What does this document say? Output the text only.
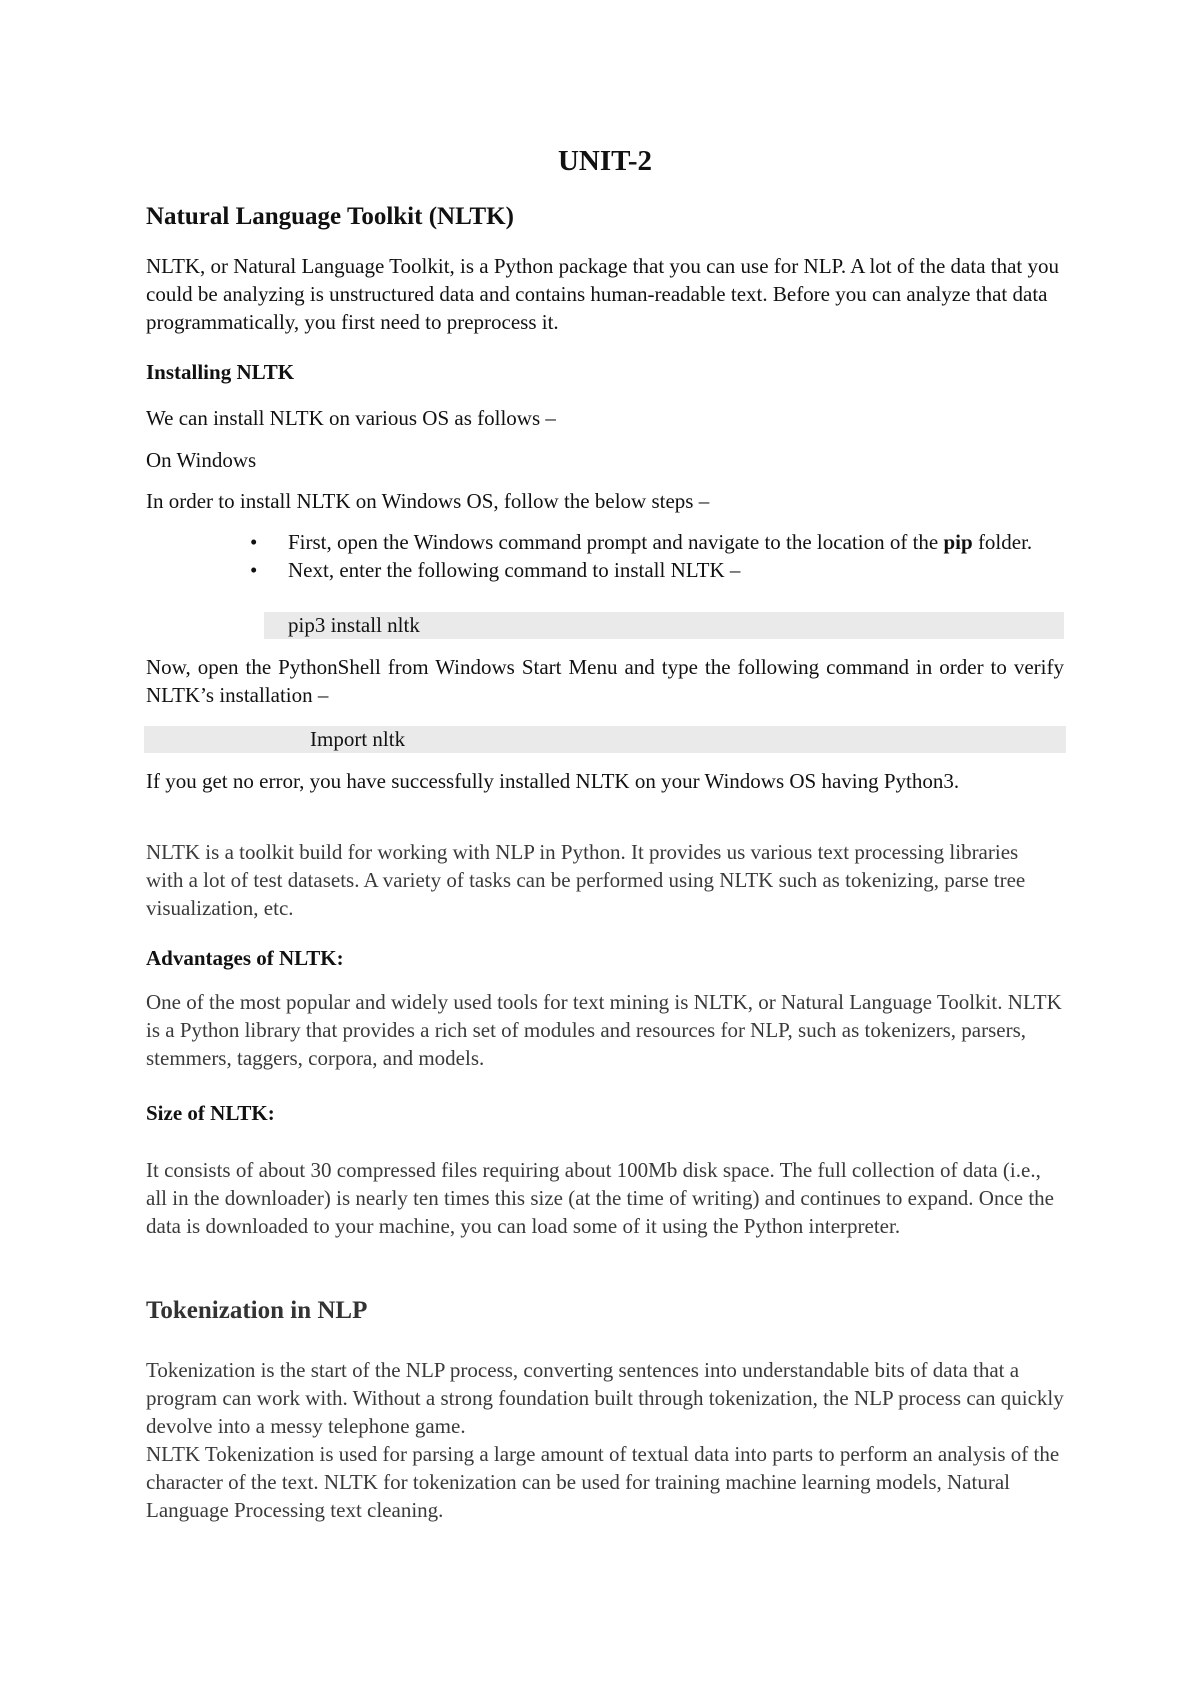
UNIT-2
Natural Language Toolkit (NLTK)

NLTK, or Natural Language Toolkit, is a Python package that you can use for NLP. A lot of the data that you could be analyzing is unstructured data and contains human-readable text. Before you can analyze that data programmatically, you first need to preprocess it.

Installing NLTK

We can install NLTK on various OS as follows –

On Windows

In order to install NLTK on Windows OS, follow the below steps –

• First, open the Windows command prompt and navigate to the location of the pip folder.
• Next, enter the following command to install NLTK –

pip3 install nltk

Now, open the PythonShell from Windows Start Menu and type the following command in order to verify NLTK’s installation –

Import nltk

If you get no error, you have successfully installed NLTK on your Windows OS having Python3.

NLTK is a toolkit build for working with NLP in Python. It provides us various text processing libraries with a lot of test datasets. A variety of tasks can be performed using NLTK such as tokenizing, parse tree visualization, etc.

Advantages of NLTK:

One of the most popular and widely used tools for text mining is NLTK, or Natural Language Toolkit. NLTK is a Python library that provides a rich set of modules and resources for NLP, such as tokenizers, parsers, stemmers, taggers, corpora, and models.

Size of NLTK:

It consists of about 30 compressed files requiring about 100Mb disk space. The full collection of data (i.e., all in the downloader) is nearly ten times this size (at the time of writing) and continues to expand. Once the data is downloaded to your machine, you can load some of it using the Python interpreter.

Tokenization in NLP

Tokenization is the start of the NLP process, converting sentences into understandable bits of data that a program can work with. Without a strong foundation built through tokenization, the NLP process can quickly devolve into a messy telephone game.

NLTK Tokenization is used for parsing a large amount of textual data into parts to perform an analysis of the character of the text. NLTK for tokenization can be used for training machine learning models, Natural Language Processing text cleaning.
